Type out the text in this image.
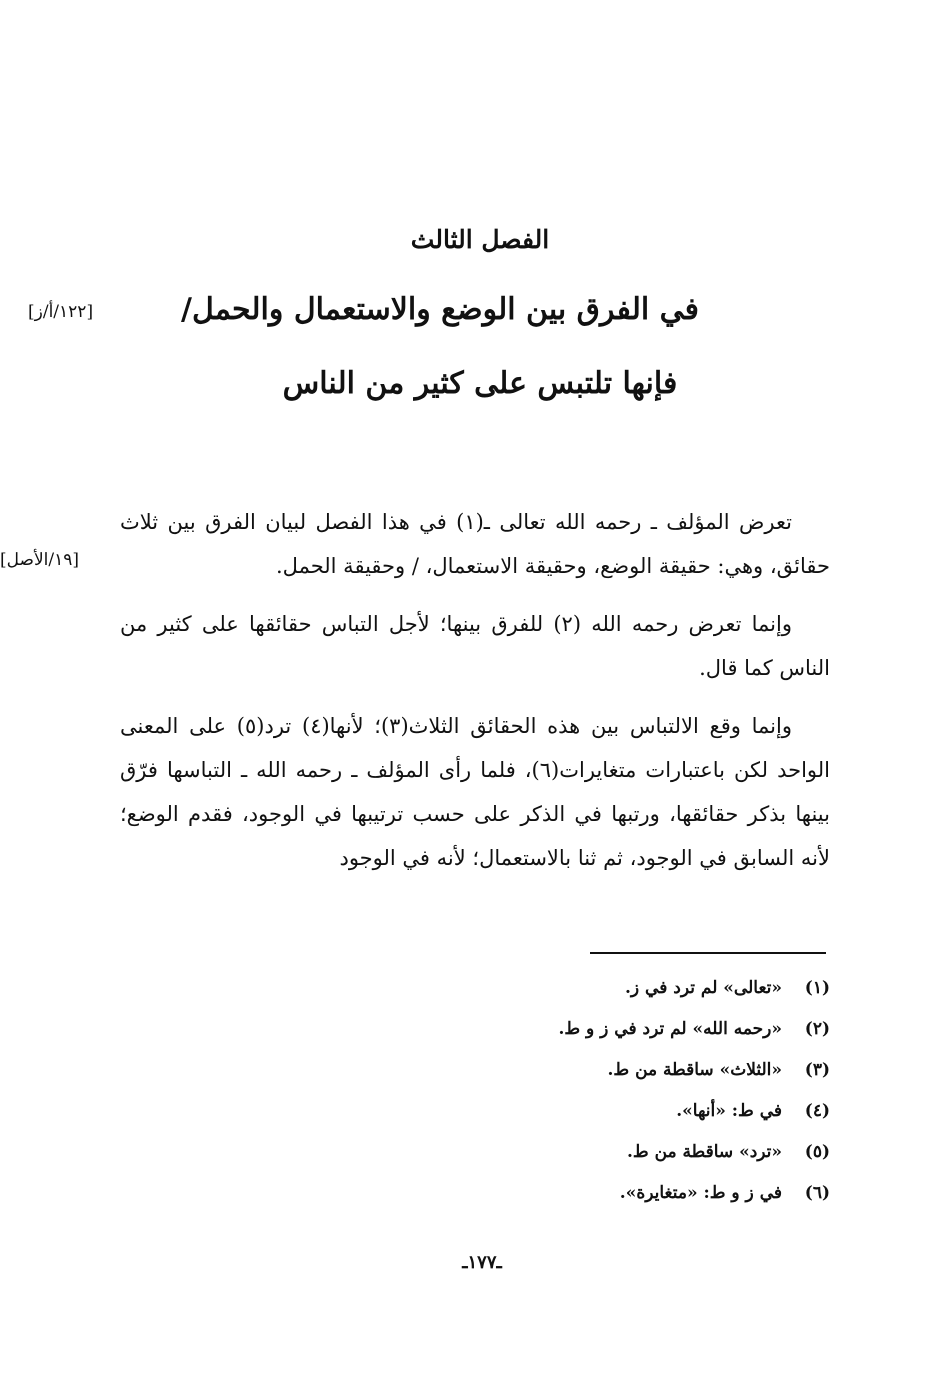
الفصل الثالث
في الفرق بين الوضع والاستعمال والحمل/
فإنها تلتبس على كثير من الناس
[١٢٢/أ/ز]
[١٩/الأصل]

تعرض المؤلف ـ رحمه الله تعالى ـ(١) في هذا الفصل لبيان الفرق بين ثلاث حقائق، وهي: حقيقة الوضع، وحقيقة الاستعمال، / وحقيقة الحمل.

وإنما تعرض رحمه الله (٢) للفرق بينها؛ لأجل التباس حقائقها على كثير من الناس كما قال.

وإنما وقع الالتباس بين هذه الحقائق الثلاث(٣)؛ لأنها(٤) ترد(٥) على المعنى الواحد لكن باعتبارات متغايرات(٦)، فلما رأى المؤلف ـ رحمه الله ـ التباسها فرّق بينها بذكر حقائقها، ورتبها في الذكر على حسب ترتيبها في الوجود، فقدم الوضع؛ لأنه السابق في الوجود، ثم ثنا بالاستعمال؛ لأنه في الوجود

(١)
«تعالى» لم ترد في ز.
(٢)
«رحمه الله» لم ترد في ز و ط.
(٣)
«الثلاث» ساقطة من ط.
(٤)
في ط: «أنها».
(٥)
«ترد» ساقطة من ط.
(٦)
في ز و ط: «متغايرة».
ـ١٧٧ـ
